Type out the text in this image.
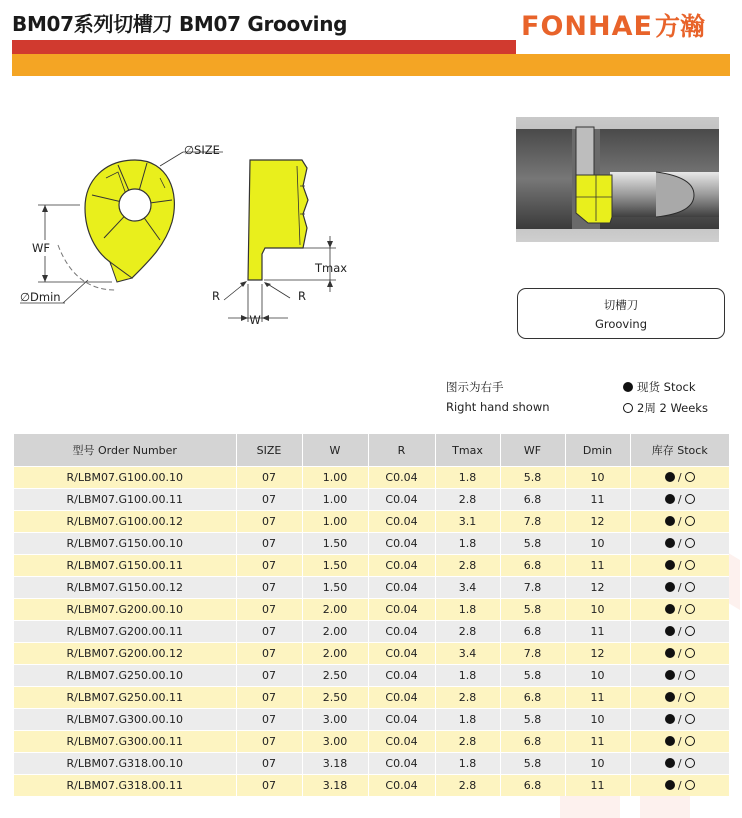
BM07系列切槽刀 BM07 Grooving	FONHAE方瀚
∅SIZE
WF
∅Dmin
Tmax
R	R
W
切槽刀
Grooving
图示为右手
Right hand shown
现货 Stock
2周 2 Weeks
型号 Order Number	SIZE	W	R	Tmax	WF	Dmin	库存 Stock
R/LBM07.G100.00.10	07	1.00	C0.04	1.8	5.8	10	/
R/LBM07.G100.00.11	07	1.00	C0.04	2.8	6.8	11	/
R/LBM07.G100.00.12	07	1.00	C0.04	3.1	7.8	12	/
R/LBM07.G150.00.10	07	1.50	C0.04	1.8	5.8	10	/
R/LBM07.G150.00.11	07	1.50	C0.04	2.8	6.8	11	/
R/LBM07.G150.00.12	07	1.50	C0.04	3.4	7.8	12	/
R/LBM07.G200.00.10	07	2.00	C0.04	1.8	5.8	10	/
R/LBM07.G200.00.11	07	2.00	C0.04	2.8	6.8	11	/
R/LBM07.G200.00.12	07	2.00	C0.04	3.4	7.8	12	/
R/LBM07.G250.00.10	07	2.50	C0.04	1.8	5.8	10	/
R/LBM07.G250.00.11	07	2.50	C0.04	2.8	6.8	11	/
R/LBM07.G300.00.10	07	3.00	C0.04	1.8	5.8	10	/
R/LBM07.G300.00.11	07	3.00	C0.04	2.8	6.8	11	/
R/LBM07.G318.00.10	07	3.18	C0.04	1.8	5.8	10	/
R/LBM07.G318.00.11	07	3.18	C0.04	2.8	6.8	11	/
